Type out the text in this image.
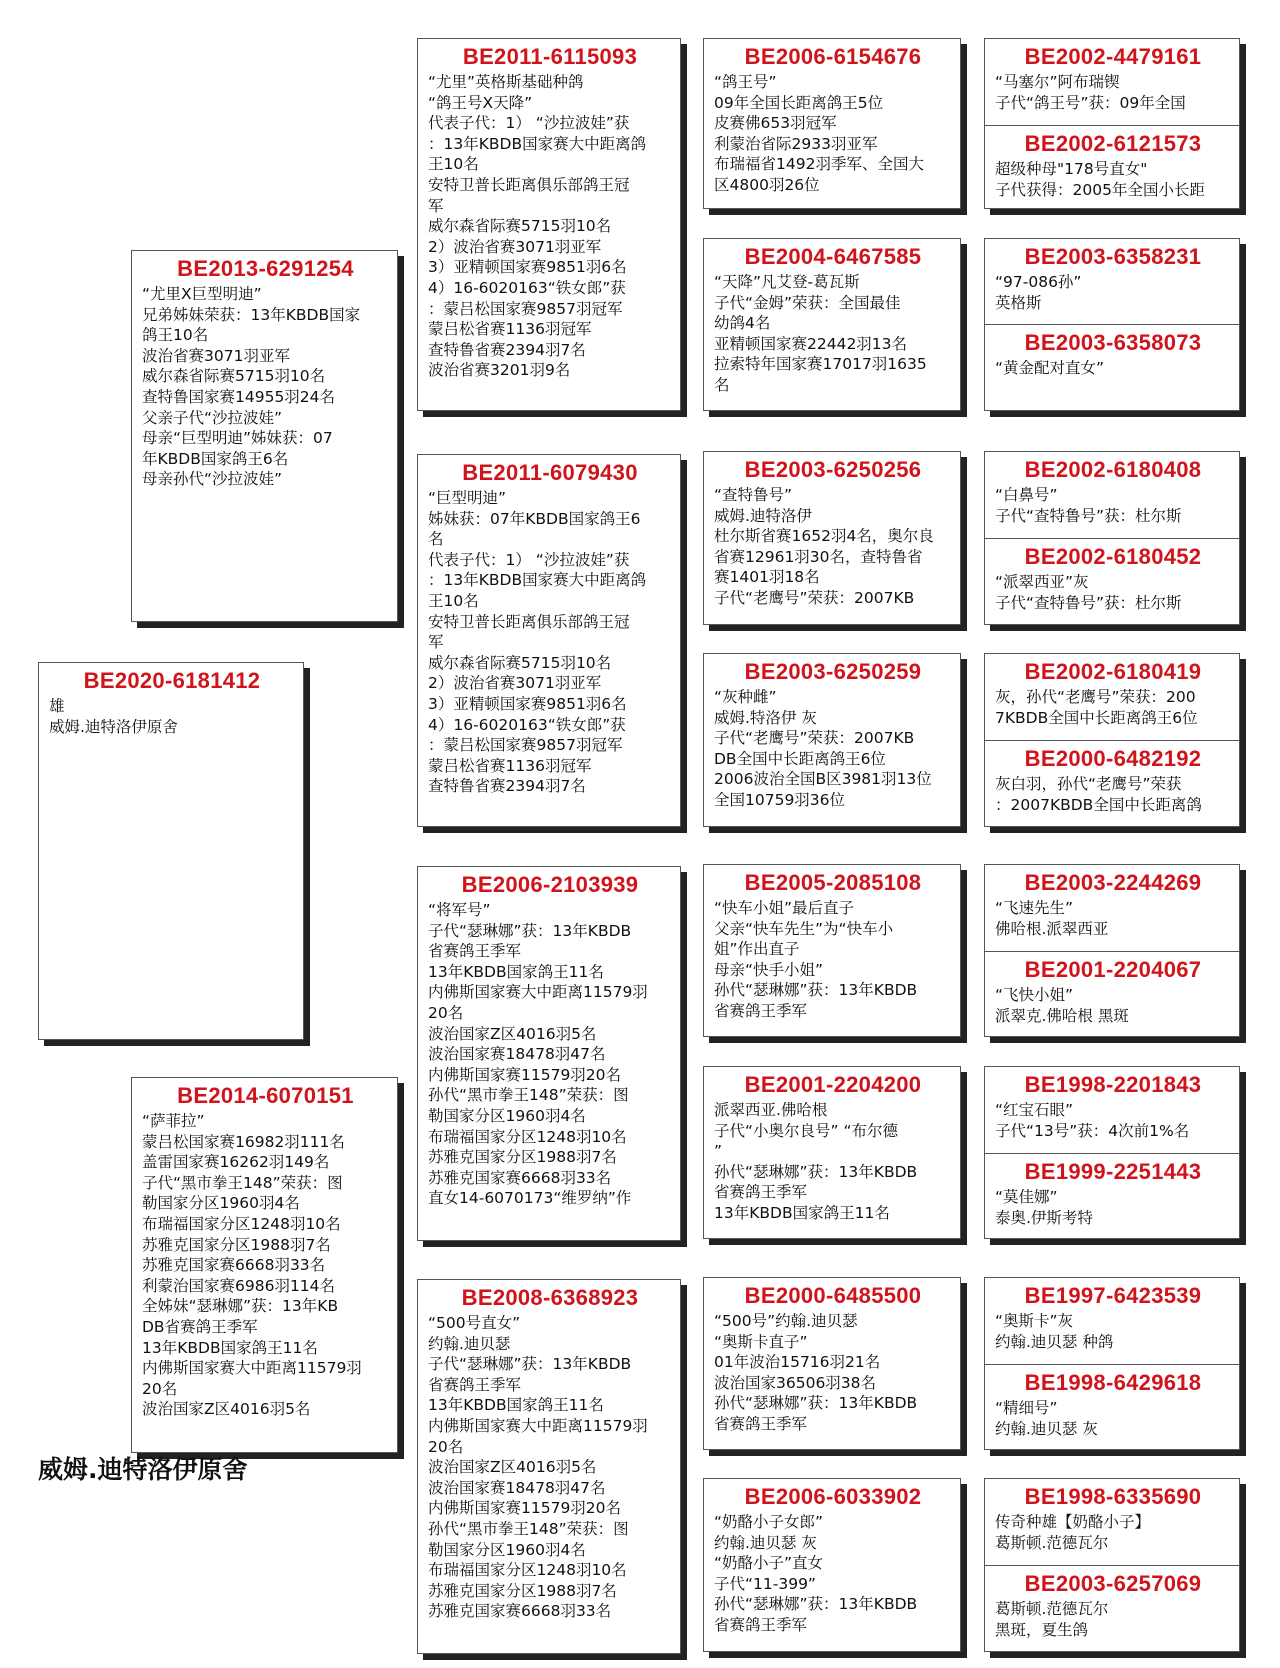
BE2020-6181412
雄
威姆.迪特洛伊原舍
BE2013-6291254
“尤里X巨型明迪”
兄弟姊妹荣获：13年KBDB国家
鸽王10名
波治省赛3071羽亚军
威尔森省际赛5715羽10名
查特鲁国家赛14955羽24名
父亲子代“沙拉波娃”
母亲“巨型明迪”姊妹获：07
年KBDB国家鸽王6名
母亲孙代“沙拉波娃”
BE2014-6070151
“萨菲拉”
蒙吕松国家赛16982羽111名
盖雷国家赛16262羽149名
子代“黑市拳王148”荣获：图
勒国家分区1960羽4名
布瑞福国家分区1248羽10名
苏雅克国家分区1988羽7名
苏雅克国家赛6668羽33名
利蒙治国家赛6986羽114名
全姊妹“瑟琳娜”获：13年KB
DB省赛鸽王季军
13年KBDB国家鸽王11名
内佛斯国家赛大中距离11579羽
20名
波治国家Z区4016羽5名
BE2011-6115093
“尤里”英格斯基础种鸽
“鸽王号X天降”
代表子代：1） “沙拉波娃”获
：13年KBDB国家赛大中距离鸽
王10名
安特卫普长距离俱乐部鸽王冠
军
威尔森省际赛5715羽10名
2）波治省赛3071羽亚军
3）亚精顿国家赛9851羽6名
4）16-6020163“铁女郎”获
：蒙吕松国家赛9857羽冠军
蒙吕松省赛1136羽冠军
查特鲁省赛2394羽7名
波治省赛3201羽9名
BE2011-6079430
“巨型明迪”
姊妹获：07年KBDB国家鸽王6
名
代表子代：1） “沙拉波娃”获
：13年KBDB国家赛大中距离鸽
王10名
安特卫普长距离俱乐部鸽王冠
军
威尔森省际赛5715羽10名
2）波治省赛3071羽亚军
3）亚精顿国家赛9851羽6名
4）16-6020163“铁女郎”获
：蒙吕松国家赛9857羽冠军
蒙吕松省赛1136羽冠军
查特鲁省赛2394羽7名
BE2006-2103939
“将军号”
子代“瑟琳娜”获：13年KBDB
省赛鸽王季军
13年KBDB国家鸽王11名
内佛斯国家赛大中距离11579羽
20名
波治国家Z区4016羽5名
波治国家赛18478羽47名
内佛斯国家赛11579羽20名
孙代“黑市拳王148”荣获：图
勒国家分区1960羽4名
布瑞福国家分区1248羽10名
苏雅克国家分区1988羽7名
苏雅克国家赛6668羽33名
直女14-6070173“维罗纳”作
BE2008-6368923
“500号直女”
约翰.迪贝瑟
子代“瑟琳娜”获：13年KBDB
省赛鸽王季军
13年KBDB国家鸽王11名
内佛斯国家赛大中距离11579羽
20名
波治国家Z区4016羽5名
波治国家赛18478羽47名
内佛斯国家赛11579羽20名
孙代“黑市拳王148”荣获：图
勒国家分区1960羽4名
布瑞福国家分区1248羽10名
苏雅克国家分区1988羽7名
苏雅克国家赛6668羽33名
BE2006-6154676
“鸽王号”
09年全国长距离鸽王5位
皮赛佛653羽冠军
利蒙治省际2933羽亚军
布瑞福省1492羽季军、全国大
区4800羽26位
BE2004-6467585
“天降”凡艾登-葛瓦斯
子代“金姆”荣获：全国最佳
幼鸽4名
亚精顿国家赛22442羽13名
拉索特年国家赛17017羽1635
名
BE2003-6250256
“查特鲁号”
威姆.迪特洛伊
杜尔斯省赛1652羽4名，奥尔良
省赛12961羽30名，查特鲁省
赛1401羽18名
子代“老鹰号”荣获：2007KB
BE2003-6250259
“灰种雌”
威姆.特洛伊 灰
子代“老鹰号”荣获：2007KB
DB全国中长距离鸽王6位
2006波治全国B区3981羽13位
全国10759羽36位
BE2005-2085108
“快车小姐”最后直子
父亲“快车先生”为“快车小
姐”作出直子
母亲“快手小姐”
孙代“瑟琳娜”获：13年KBDB
省赛鸽王季军
BE2001-2204200
派翠西亚.佛哈根
子代“小奥尔良号” “布尔德
”
孙代“瑟琳娜”获：13年KBDB
省赛鸽王季军
13年KBDB国家鸽王11名
BE2000-6485500
“500号”约翰.迪贝瑟
“奥斯卡直子”
01年波治15716羽21名
波治国家36506羽38名
孙代“瑟琳娜”获：13年KBDB
省赛鸽王季军
BE2006-6033902
“奶酪小子女郎”
约翰.迪贝瑟 灰
“奶酪小子”直女
子代“11-399”
孙代“瑟琳娜”获：13年KBDB
省赛鸽王季军
BE2002-4479161
“马塞尔”阿布瑞锲
子代“鸽王号”获：09年全国
BE2002-6121573
超级种母"178号直女"
子代获得：2005年全国小长距
BE2003-6358231
“97-086孙”
英格斯
BE2003-6358073
“黄金配对直女”
BE2002-6180408
“白鼻号”
子代“查特鲁号”获：杜尔斯
BE2002-6180452
“派翠西亚”灰
子代“查特鲁号”获：杜尔斯
BE2002-6180419
灰，孙代“老鹰号”荣获：200
7KBDB全国中长距离鸽王6位
BE2000-6482192
灰白羽，孙代“老鹰号”荣获
：2007KBDB全国中长距离鸽
BE2003-2244269
“飞速先生”
佛哈根.派翠西亚
BE2001-2204067
“飞快小姐”
派翠克.佛哈根 黑斑
BE1998-2201843
“红宝石眼”
子代“13号”获：4次前1%名
BE1999-2251443
“莫佳娜”
泰奥.伊斯考特
BE1997-6423539
“奥斯卡”灰
约翰.迪贝瑟 种鸽
BE1998-6429618
“精细号”
约翰.迪贝瑟 灰
BE1998-6335690
传奇种雄【奶酪小子】
葛斯顿.范德瓦尔
BE2003-6257069
葛斯顿.范德瓦尔
黑斑，夏生鸽
威姆.迪特洛伊原舍
